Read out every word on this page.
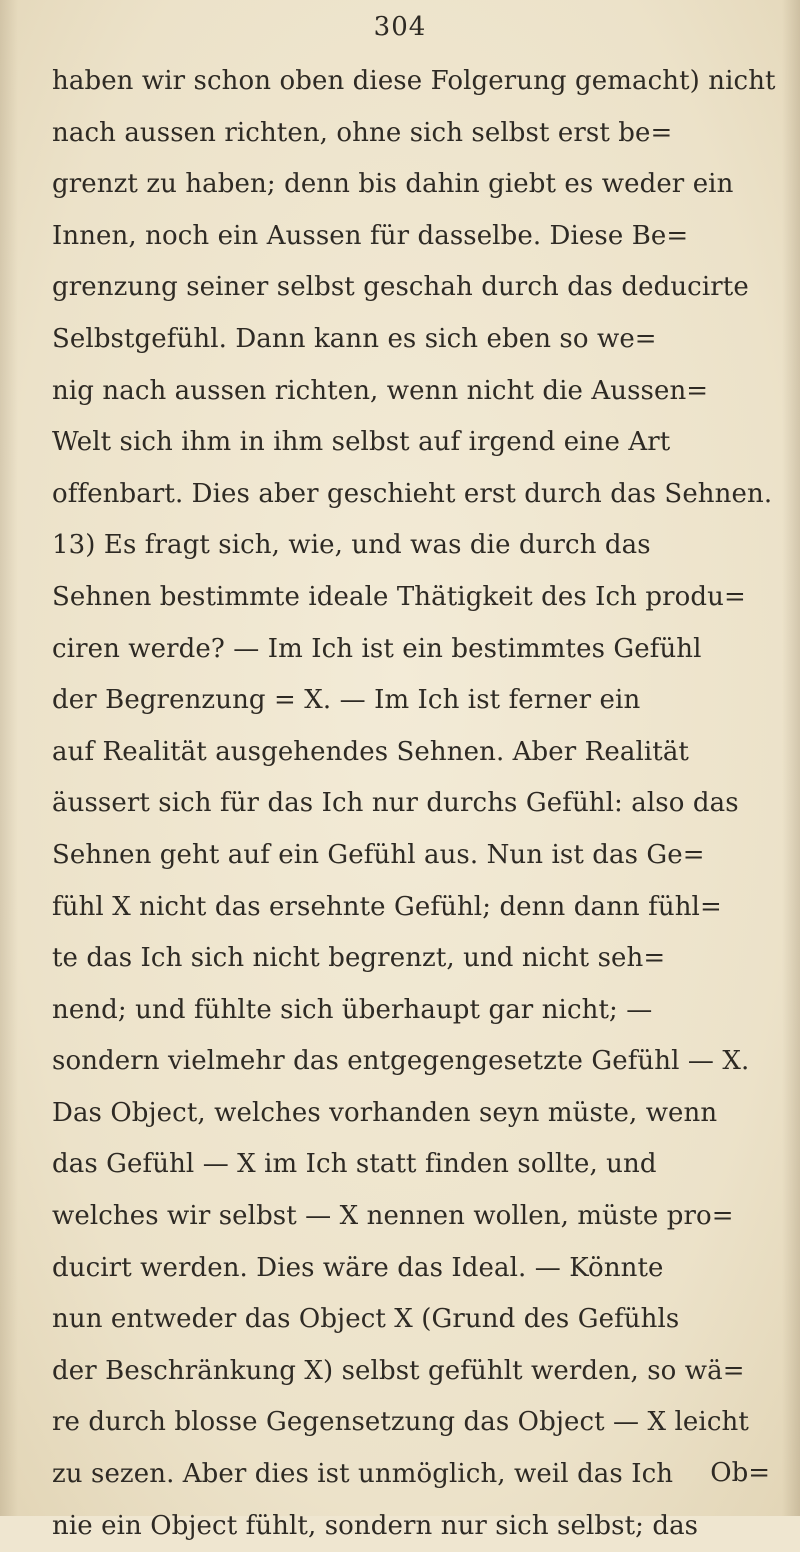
304
haben wir schon oben diese Folgerung gemacht) nicht
nach aussen richten, ohne sich selbst erst be=
grenzt zu haben; denn bis dahin giebt es weder ein
Innen, noch ein Aussen für dasselbe. Diese Be=
grenzung seiner selbst geschah durch das deducirte
Selbstgefühl. Dann kann es sich eben so we=
nig nach aussen richten, wenn nicht die Aussen=
Welt sich ihm in ihm selbst auf irgend eine Art
offenbart. Dies aber geschieht erst durch das Sehnen.
13) Es fragt sich, wie, und was die durch das
Sehnen bestimmte ideale Thätigkeit des Ich produ=
ciren werde? — Im Ich ist ein bestimmtes Gefühl
der Begrenzung = X. — Im Ich ist ferner ein
auf Realität ausgehendes Sehnen. Aber Realität
äussert sich für das Ich nur durchs Gefühl: also das
Sehnen geht auf ein Gefühl aus. Nun ist das Ge=
fühl X nicht das ersehnte Gefühl; denn dann fühl=
te das Ich sich nicht begrenzt, und nicht seh=
nend; und fühlte sich überhaupt gar nicht; —
sondern vielmehr das entgegengesetzte Gefühl — X.
Das Object, welches vorhanden seyn müste, wenn
das Gefühl — X im Ich statt finden sollte, und
welches wir selbst — X nennen wollen, müste pro=
ducirt werden. Dies wäre das Ideal. — Könnte
nun entweder das Object X (Grund des Gefühls
der Beschränkung X) selbst gefühlt werden, so wä=
re durch blosse Gegensetzung das Object — X leicht
zu sezen. Aber dies ist unmöglich, weil das Ich
nie ein Object fühlt, sondern nur sich selbst; das
Ob=
